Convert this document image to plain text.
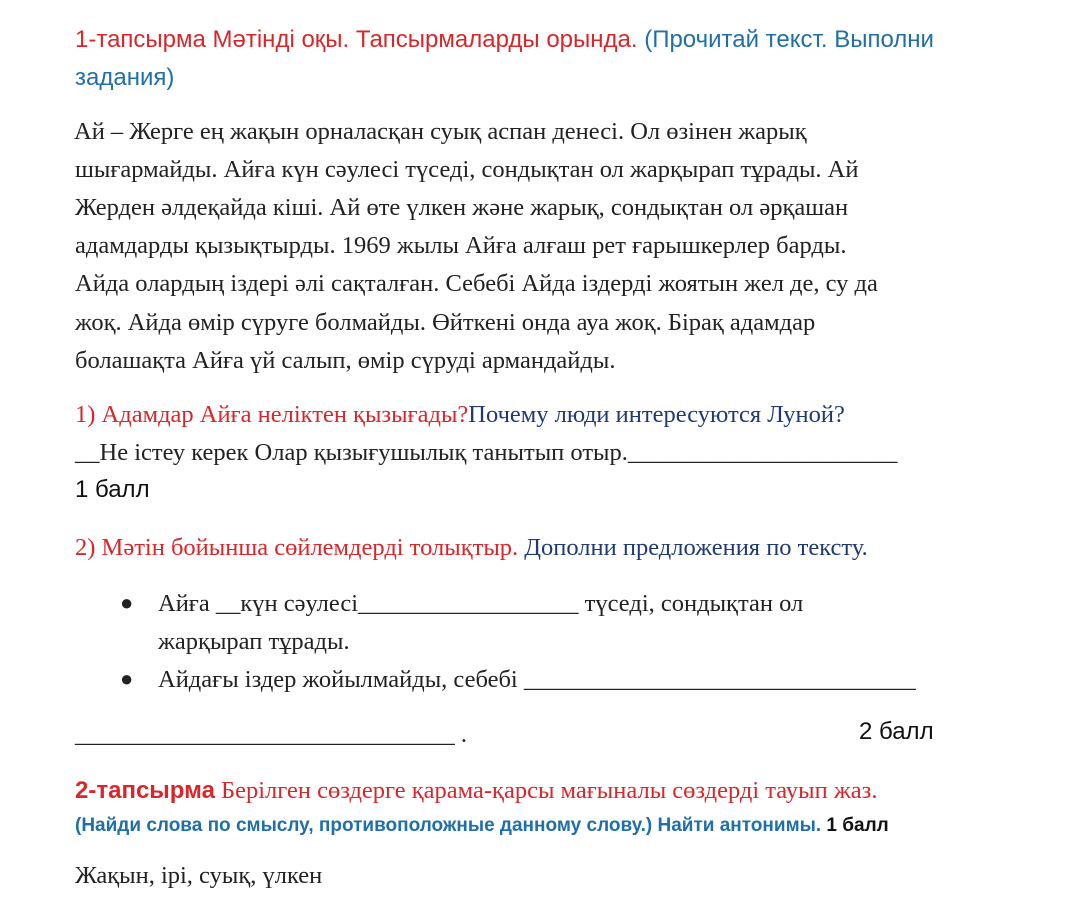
1-тапсырма Мәтінді оқы. Тапсырмаларды орында. (Прочитай текст. Выполни
задания)
Ай – Жерге ең жақын орналасқан суық аспан денесі. Ол өзінен жарық
шығармайды. Айға күн сәулесі түседі, сондықтан ол жарқырап тұрады. Ай
Жерден әлдеқайда кіші. Ай өте үлкен және жарық, сондықтан ол әрқашан
адамдарды қызықтырды. 1969 жылы Айға алғаш рет ғарышкерлер барды.
Айда олардың іздері әлі сақталған. Себебі Айда іздерді жоятын жел де, су да
жоқ. Айда өмір сүруге болмайды. Өйткені онда ауа жоқ. Бірақ адамдар
болашақта Айға үй салып, өмір сүруді армандайды.
1) Адамдар Айға неліктен қызығады?Почему люди интересуются Луной?
__Не істеу керек Олар қызығушылық танытып отыр.______________________
1 балл
2) Мәтін бойынша сөйлемдерді толықтыр. Дополни предложения по тексту.
● Айға __күн сәулесі__________________ түседі, сондықтан ол
жарқырап тұрады.
● Айдағы іздер жойылмайды, себебі ________________________________
_______________________________ .	2 балл
2-тапсырма Берілген сөздерге қарама-қарсы мағыналы сөздерді тауып жаз.
(Найди слова по смыслу, противоположные данному слову.) Найти антонимы. 1 балл
Жақын, ірі, суық, үлкен
